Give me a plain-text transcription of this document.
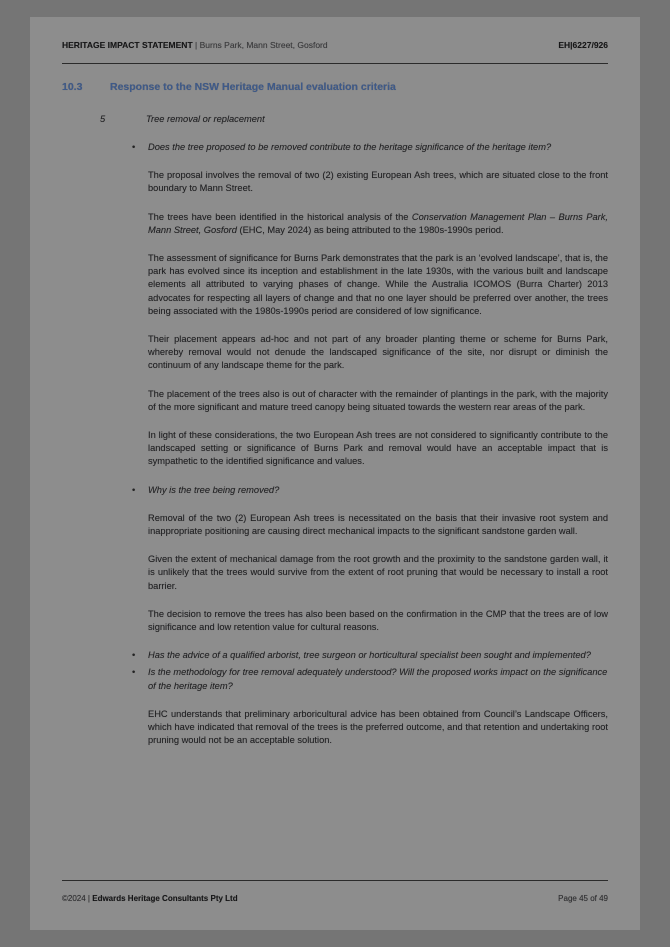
HERITAGE IMPACT STATEMENT | Burns Park, Mann Street, Gosford	EH|6227/926
10.3	Response to the NSW Heritage Manual evaluation criteria
5	Tree removal or replacement
•	Does the tree proposed to be removed contribute to the heritage significance of the heritage item?

The proposal involves the removal of two (2) existing European Ash trees, which are situated close to the front boundary to Mann Street.

The trees have been identified in the historical analysis of the Conservation Management Plan – Burns Park, Mann Street, Gosford (EHC, May 2024) as being attributed to the 1980s-1990s period.

The assessment of significance for Burns Park demonstrates that the park is an ‘evolved landscape’, that is, the park has evolved since its inception and establishment in the late 1930s, with the various built and landscape elements all attributed to varying phases of change. While the Australia ICOMOS (Burra Charter) 2013 advocates for respecting all layers of change and that no one layer should be preferred over another, the trees being associated with the 1980s-1990s period are considered of low significance.

Their placement appears ad-hoc and not part of any broader planting theme or scheme for Burns Park, whereby removal would not denude the landscaped significance of the site, nor disrupt or diminish the continuum of any landscape theme for the park.

The placement of the trees also is out of character with the remainder of plantings in the park, with the majority of the more significant and mature treed canopy being situated towards the western rear areas of the park.

In light of these considerations, the two European Ash trees are not considered to significantly contribute to the landscaped setting or significance of Burns Park and removal would have an acceptable impact that is sympathetic to the identified significance and values.

•	Why is the tree being removed?

Removal of the two (2) European Ash trees is necessitated on the basis that their invasive root system and inappropriate positioning are causing direct mechanical impacts to the significant sandstone garden wall.

Given the extent of mechanical damage from the root growth and the proximity to the sandstone garden wall, it is unlikely that the trees would survive from the extent of root pruning that would be necessary to install a root barrier.

The decision to remove the trees has also been based on the confirmation in the CMP that the trees are of low significance and low retention value for cultural reasons.

•	Has the advice of a qualified arborist, tree surgeon or horticultural specialist been sought and implemented?
•	Is the methodology for tree removal adequately understood? Will the proposed works impact on the significance of the heritage item?

EHC understands that preliminary arboricultural advice has been obtained from Council’s Landscape Officers, which have indicated that removal of the trees is the preferred outcome, and that retention and undertaking root pruning would not be an acceptable solution.

©2024 | Edwards Heritage Consultants Pty Ltd	Page 45 of 49
